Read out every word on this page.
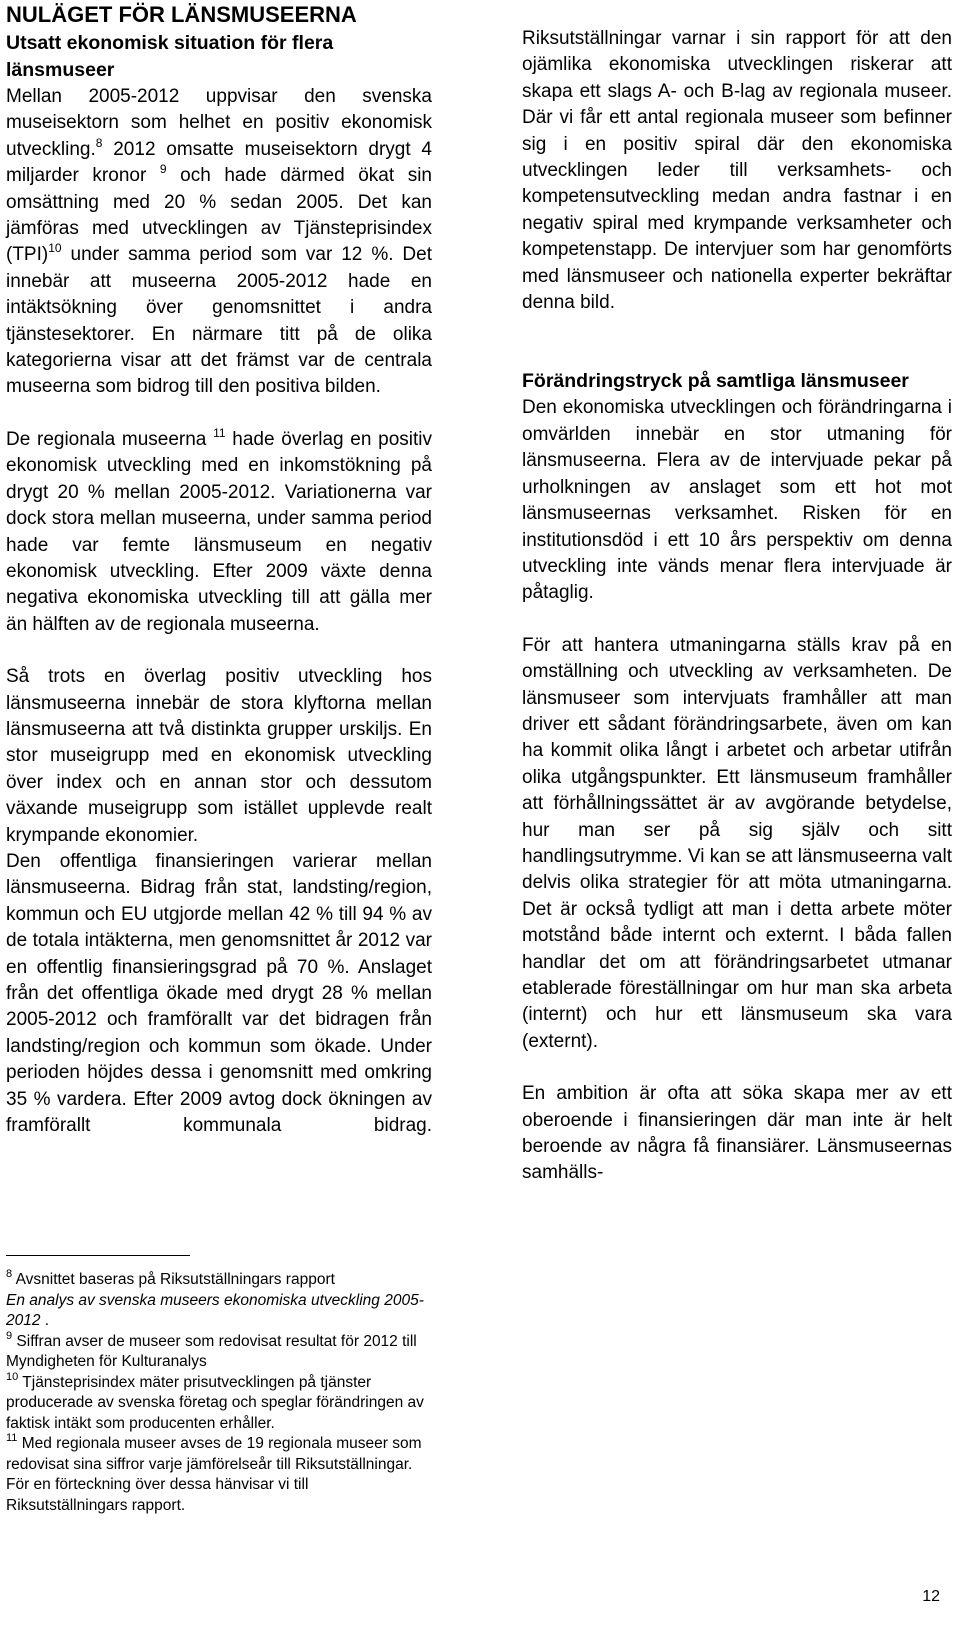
NULÄGET FÖR LÄNSMUSEERNA
Utsatt ekonomisk situation för flera länsmuseer

Mellan 2005-2012 uppvisar den svenska museisektorn som helhet en positiv ekonomisk utveckling.$^8$ 2012 omsatte museisektorn drygt 4 miljarder kronor $^9$ och hade därmed ökat sin omsättning med 20 % sedan 2005. Det kan jämföras med utvecklingen av Tjänsteprisindex (TPI)$^{10}$ under samma period som var 12 %. Det innebär att museerna 2005-2012 hade en intäktsökning över genomsnittet i andra tjänstesektorer. En närmare titt på de olika kategorierna visar att det främst var de centrala museerna som bidrog till den positiva bilden.

De regionala museerna $^{11}$ hade överlag en positiv ekonomisk utveckling med en inkomstökning på drygt 20 % mellan 2005-2012. Variationerna var dock stora mellan museerna, under samma period hade var femte länsmuseum en negativ ekonomisk utveckling. Efter 2009 växte denna negativa ekonomiska utveckling till att gälla mer än hälften av de regionala museerna.

Så trots en överlag positiv utveckling hos länsmuseerna innebär de stora klyftorna mellan länsmuseerna att två distinkta grupper urskiljs. En stor museigrupp med en ekonomisk utveckling över index och en annan stor och dessutom växande museigrupp som istället upplevde realt krympande ekonomier.

Den offentliga finansieringen varierar mellan länsmuseerna. Bidrag från stat, landsting/region, kommun och EU utgjorde mellan 42 % till 94 % av de totala intäkterna, men genomsnittet år 2012 var en offentlig finansieringsgrad på 70 %. Anslaget från det offentliga ökade med drygt 28 % mellan 2005-2012 och framförallt var det bidragen från landsting/region och kommun som ökade. Under perioden höjdes dessa i genomsnitt med omkring 35 % vardera. Efter 2009 avtog dock ökningen av framförallt kommunala bidrag.

$^8$ Avsnittet baseras på Riksutställningars rapport
En analys av svenska museers ekonomiska utveckling 2005-2012 .

$^9$ Siffran avser de museer som redovisat resultat för 2012 till Myndigheten för Kulturanalys

$^{10}$ Tjänsteprisindex mäter prisutvecklingen på tjänster producerade av svenska företag och speglar förändringen av faktisk intäkt som producenten erhåller.

$^{11}$ Med regionala museer avses de 19 regionala museer som redovisat sina siffror varje jämförelseår till Riksutställningar. För en förteckning över dessa hänvisar vi till Riksutställningars rapport.

Riksutställningar varnar i sin rapport för att den ojämlika ekonomiska utvecklingen riskerar att skapa ett slags A- och B-lag av regionala museer. Där vi får ett antal regionala museer som befinner sig i en positiv spiral där den ekonomiska utvecklingen leder till verksamhets- och kompetensutveckling medan andra fastnar i en negativ spiral med krympande verksamheter och kompetenstapp. De intervjuer som har genomförts med länsmuseer och nationella experter bekräftar denna bild.

Förändringstryck på samtliga länsmuseer

Den ekonomiska utvecklingen och förändringarna i omvärlden innebär en stor utmaning för länsmuseerna. Flera av de intervjuade pekar på urholkningen av anslaget som ett hot mot länsmuseernas verksamhet. Risken för en institutionsdöd i ett 10 års perspektiv om denna utveckling inte vänds menar flera intervjuade är påtaglig.

För att hantera utmaningarna ställs krav på en omställning och utveckling av verksamheten. De länsmuseer som intervjuats framhåller att man driver ett sådant förändringsarbete, även om kan ha kommit olika långt i arbetet och arbetar utifrån olika utgångspunkter. Ett länsmuseum framhåller att förhållningssättet är av avgörande betydelse, hur man ser på sig själv och sitt handlingsutrymme. Vi kan se att länsmuseerna valt delvis olika strategier för att möta utmaningarna. Det är också tydligt att man i detta arbete möter motstånd både internt och externt. I båda fallen handlar det om att förändringsarbetet utmanar etablerade föreställningar om hur man ska arbeta (internt) och hur ett länsmuseum ska vara (externt).

En ambition är ofta att söka skapa mer av ett oberoende i finansieringen där man inte är helt beroende av några få finansiärer. Länsmuseernas samhälls-

12
